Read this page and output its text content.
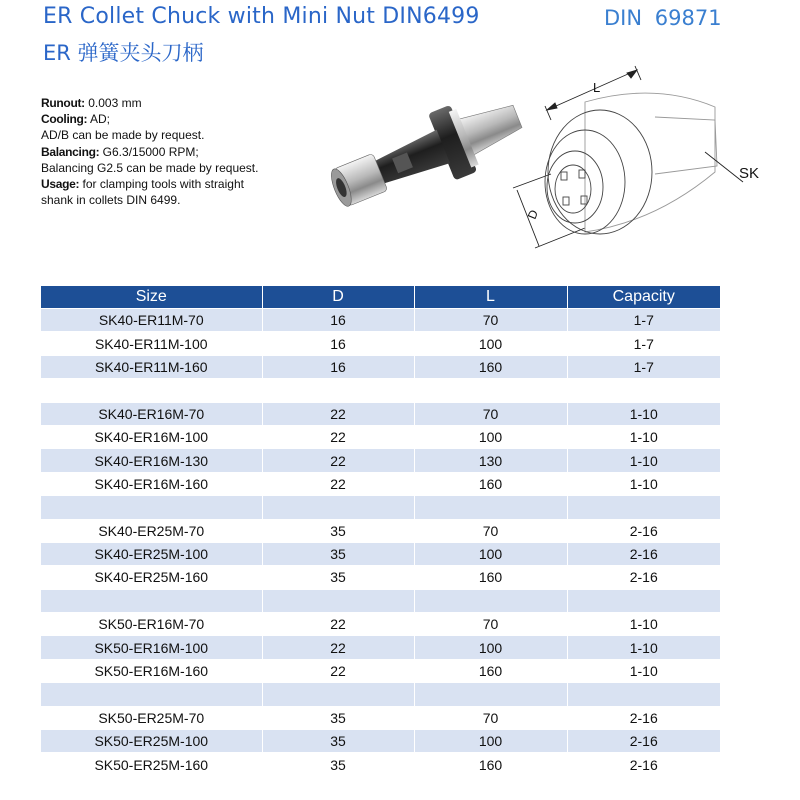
ER Collet Chuck with Mini Nut DIN6499
ER 弹簧夹头刀柄
DIN 69871
Runout: 0.003 mm
Cooling: AD;
AD/B can be made by request.
Balancing: G6.3/15000 RPM;
Balancing G2.5 can be made by request.
Usage: for clamping tools with straight
shank in collets DIN 6499.
L
D
SK
Size	D	L	Capacity
SK40-ER11M-70	16	70	1-7
SK40-ER11M-100	16	100	1-7
SK40-ER11M-160	16	160	1-7

SK40-ER16M-70	22	70	1-10
SK40-ER16M-100	22	100	1-10
SK40-ER16M-130	22	130	1-10
SK40-ER16M-160	22	160	1-10

SK40-ER25M-70	35	70	2-16
SK40-ER25M-100	35	100	2-16
SK40-ER25M-160	35	160	2-16

SK50-ER16M-70	22	70	1-10
SK50-ER16M-100	22	100	1-10
SK50-ER16M-160	22	160	1-10

SK50-ER25M-70	35	70	2-16
SK50-ER25M-100	35	100	2-16
SK50-ER25M-160	35	160	2-16
